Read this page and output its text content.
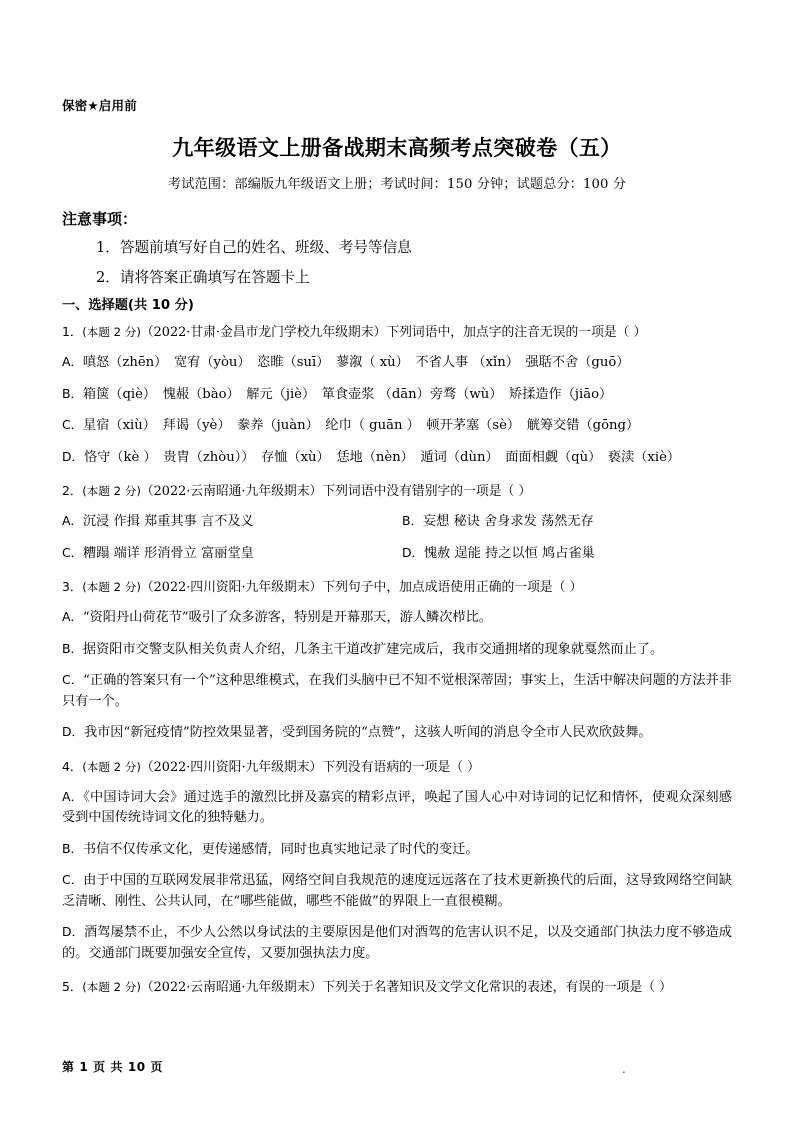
保密★启用前
九年级语文上册备战期末高频考点突破卷（五）
考试范围：部编版九年级语文上册；考试时间：150 分钟；试题总分：100 分
注意事项：
1．答题前填写好自己的姓名、班级、考号等信息
2．请将答案正确填写在答题卡上
一、选择题(共 10 分)

1．(本题 2 分)（2022·甘肃·金昌市龙门学校九年级期末）下列词语中，加点字的注音无误的一项是（ ）

A．嗔怒（zhēn）　宽宥（yòu）　恣睢（suī）　蓼溆（ xù）　不省人事 （xǐn）　强聒不舍（guō）

B．箱箧（qiè）　愧赧（bào）　解元（jiè）　箪食壶浆 （dān）旁骛（wù）　矫揉造作（jiāo）

C．星宿（xiù）　拜谒（yè）　豢养（juàn）　纶巾（ guān ）　顿开茅塞（sè）　觥筹交错（gōng）

D．恪守（kè ）　贵胄（zhòu））　存恤（xù）　恁地（nèn）　遁词（dùn）　面面相觑（qù）　亵渎（xiè）

2．(本题 2 分)（2022·云南昭通·九年级期末）下列词语中没有错别字的一项是（ ）

A．沉浸 作揖 郑重其事 言不及义	B．妄想 秘诀 舍身求发 荡然无存
C．糟蹋 端详 形消骨立 富丽堂皇	D．愧赦 逞能 持之以恒 鸠占雀巢

3．(本题 2 分)（2022·四川资阳·九年级期末）下列句子中，加点成语使用正确的一项是（ ）

A．“资阳丹山荷花节”吸引了众多游客，特别是开幕那天，游人鳞次栉比。

B．据资阳市交警支队相关负责人介绍，几条主干道改扩建完成后，我市交通拥堵的现象就戛然而止了。

C．“正确的答案只有一个”这种思维模式，在我们头脑中已不知不觉根深蒂固；事实上，生活中解决问题的方法并非只有一个。

D．我市因“新冠疫情”防控效果显著，受到国务院的“点赞”，这骇人听闻的消息令全市人民欢欣鼓舞。

4．(本题 2 分)（2022·四川资阳·九年级期末）下列没有语病的一项是（ ）

A．《中国诗词大会》通过选手的激烈比拼及嘉宾的精彩点评，唤起了国人心中对诗词的记忆和情怀，使观众深刻感受到中国传统诗词文化的独特魅力。

B．书信不仅传承文化，更传递感情，同时也真实地记录了时代的变迁。

C．由于中国的互联网发展非常迅猛，网络空间自我规范的速度远远落在了技术更新换代的后面，这导致网络空间缺乏清晰、刚性、公共认同，在“哪些能做，哪些不能做”的界限上一直很模糊。

D．酒驾屡禁不止，不少人公然以身试法的主要原因是他们对酒驾的危害认识不足，以及交通部门执法力度不够造成的。交通部门既要加强安全宣传，又要加强执法力度。

5．(本题 2 分)（2022·云南昭通·九年级期末）下列关于名著知识及文学文化常识的表述，有误的一项是（ ）

第 1 页 共 10 页	.
